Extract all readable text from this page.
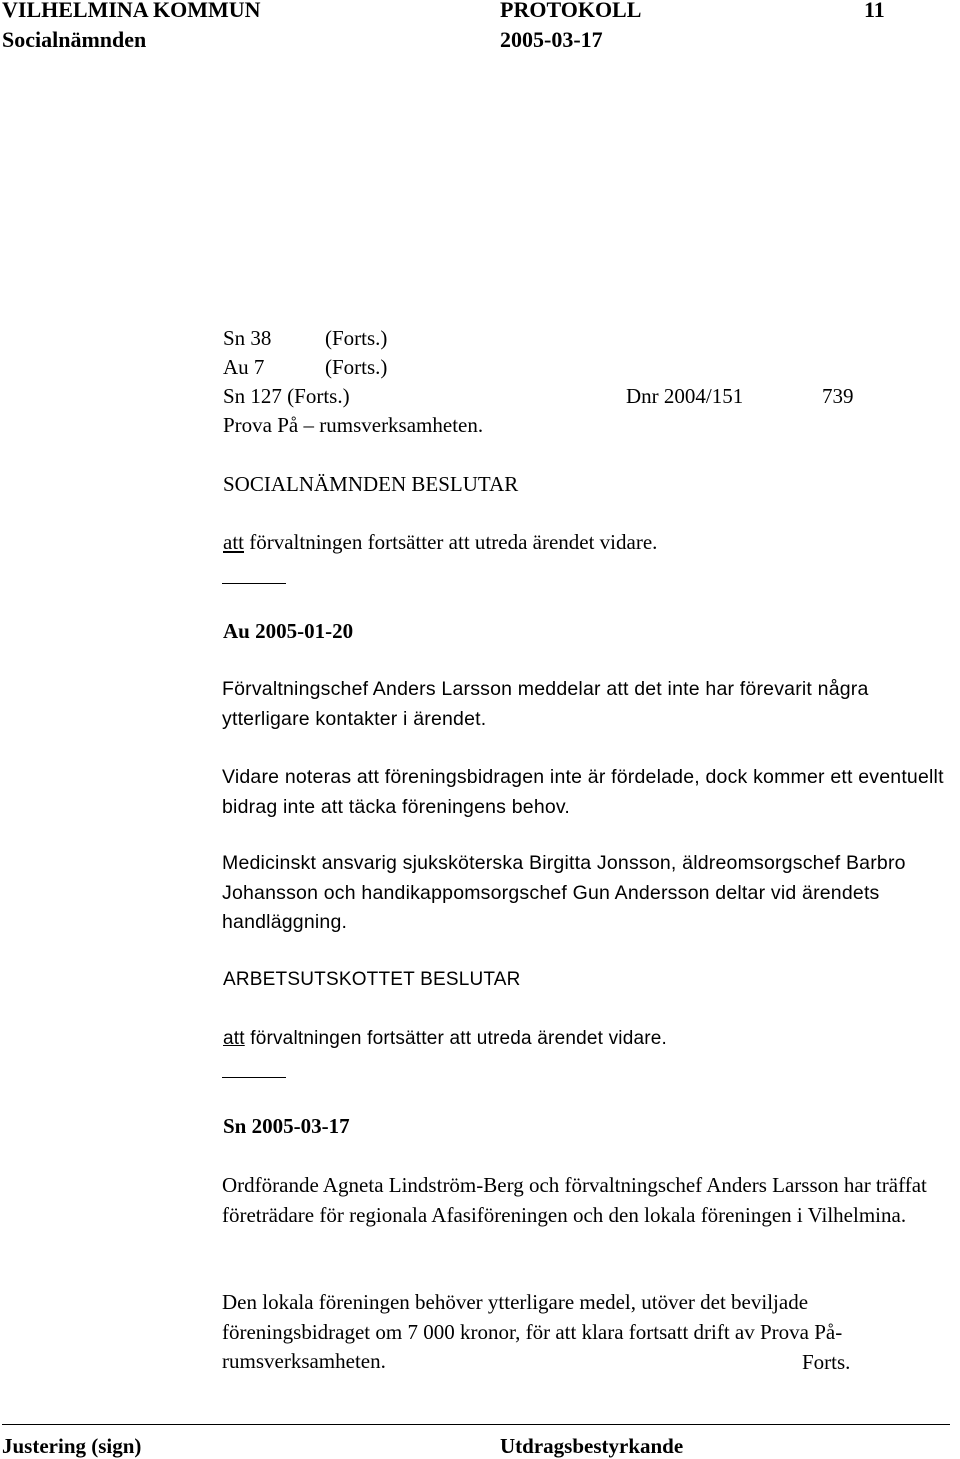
VILHELMINA KOMMUN	PROTOKOLL	11
Socialnämnden	2005-03-17
Sn 38	(Forts.)
Au 7	(Forts.)
Sn 127 (Forts.)	Dnr 2004/151	739
Prova På – rumsverksamheten.
SOCIALNÄMNDEN BESLUTAR
att förvaltningen fortsätter att utreda ärendet vidare.
Au 2005-01-20
Förvaltningschef Anders Larsson meddelar att det inte har förevarit några ytterligare kontakter i ärendet.
Vidare noteras att föreningsbidragen inte är fördelade, dock kommer ett eventuellt bidrag inte att täcka föreningens behov.
Medicinskt ansvarig sjuksköterska Birgitta Jonsson, äldreomsorgschef Barbro Johansson och handikappomsorgschef Gun Andersson deltar vid ärendets handläggning.
ARBETSUTSKOTTET BESLUTAR
att förvaltningen fortsätter att utreda ärendet vidare.
Sn 2005-03-17
Ordförande Agneta Lindström-Berg och förvaltningschef Anders Larsson har träffat företrädare för regionala Afasiföreningen och den lokala föreningen i Vilhelmina.
Den lokala föreningen behöver ytterligare medel, utöver det beviljade föreningsbidraget om 7 000 kronor, för att klara fortsatt drift av Prova På-rumsverksamheten.	Forts.
Justering (sign)	Utdragsbestyrkande
